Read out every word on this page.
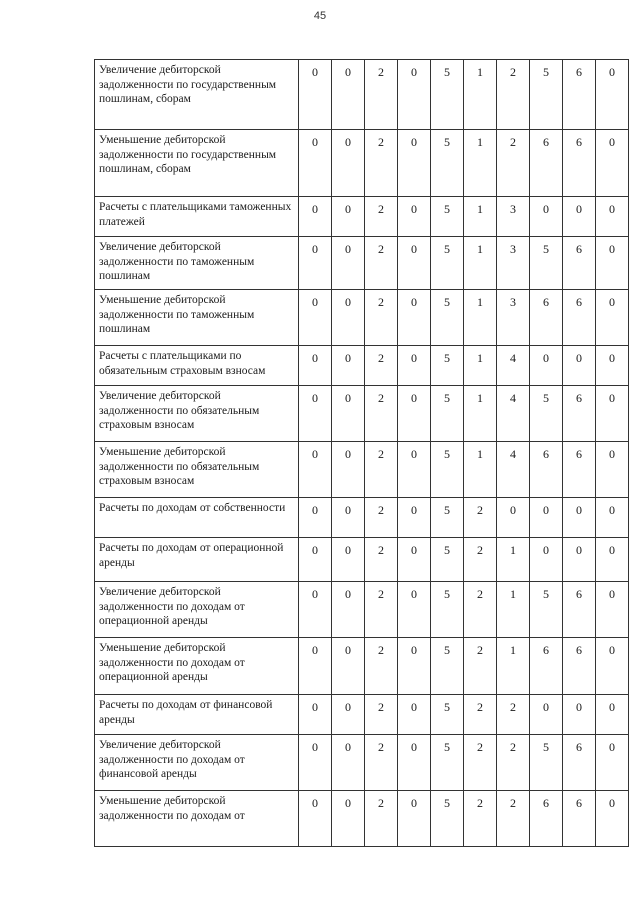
45
Увеличение дебиторской задолженности по государственным пошлинам, сборам	0	0	2	0	5	1	2	5	6	0
Уменьшение дебиторской задолженности по государственным пошлинам, сборам	0	0	2	0	5	1	2	6	6	0
Расчеты с плательщиками таможенных платежей	0	0	2	0	5	1	3	0	0	0
Увеличение дебиторской задолженности по таможенным пошлинам	0	0	2	0	5	1	3	5	6	0
Уменьшение дебиторской задолженности по таможенным пошлинам	0	0	2	0	5	1	3	6	6	0
Расчеты с плательщиками по обязательным страховым взносам	0	0	2	0	5	1	4	0	0	0
Увеличение дебиторской задолженности по обязательным страховым взносам	0	0	2	0	5	1	4	5	6	0
Уменьшение дебиторской задолженности по обязательным страховым взносам	0	0	2	0	5	1	4	6	6	0
Расчеты по доходам от собственности	0	0	2	0	5	2	0	0	0	0
Расчеты по доходам от операционной аренды	0	0	2	0	5	2	1	0	0	0
Увеличение дебиторской задолженности по доходам от операционной аренды	0	0	2	0	5	2	1	5	6	0
Уменьшение дебиторской задолженности по доходам от операционной аренды	0	0	2	0	5	2	1	6	6	0
Расчеты по доходам от финансовой аренды	0	0	2	0	5	2	2	0	0	0
Увеличение дебиторской задолженности по доходам от финансовой аренды	0	0	2	0	5	2	2	5	6	0
Уменьшение дебиторской задолженности по доходам от	0	0	2	0	5	2	2	6	6	0
